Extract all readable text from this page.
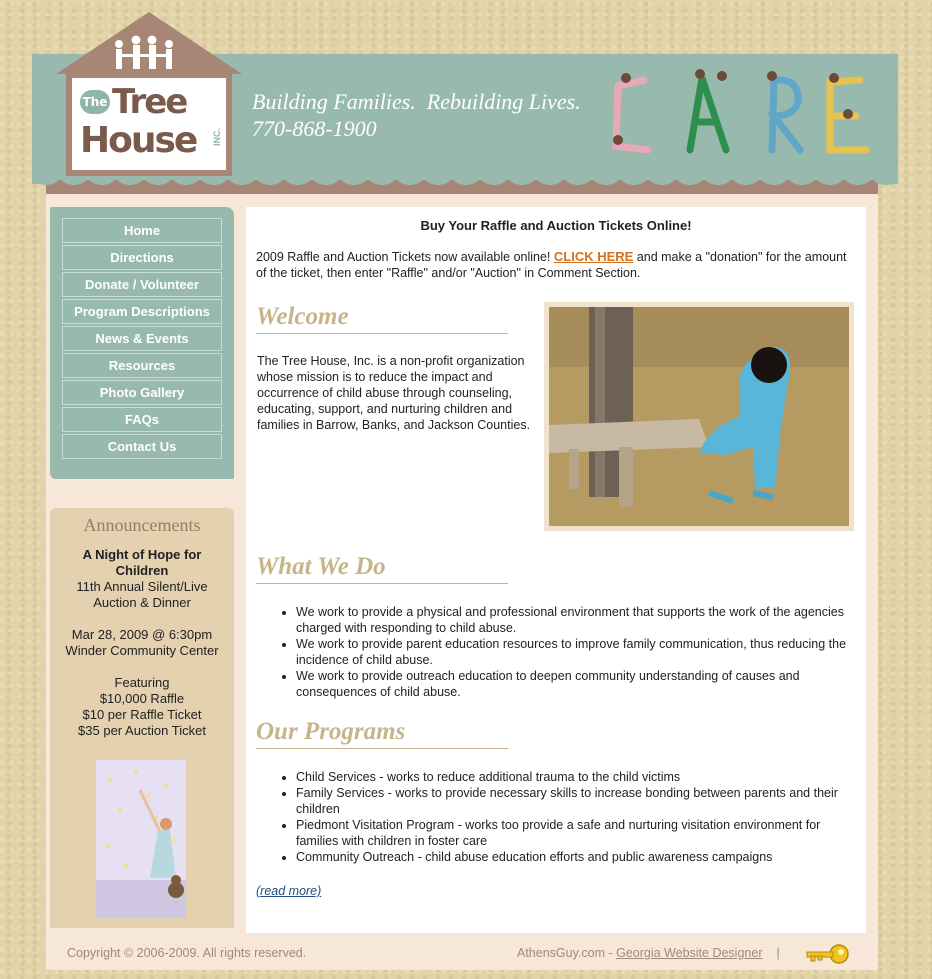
The Tree
House INC.
Building Families.  Rebuilding Lives.
770-868-1900
Home
Directions
Donate / Volunteer
Program Descriptions
News & Events
Resources
Photo Gallery
FAQs
Contact Us
Announcements
A Night of Hope for Children
11th Annual Silent/Live
Auction & Dinner
Mar 28, 2009 @ 6:30pm
Winder Community Center
Featuring
$10,000 Raffle
$10 per Raffle Ticket
$35 per Auction Ticket
Buy Your Raffle and Auction Tickets Online!

2009 Raffle and Auction Tickets now available online! CLICK HERE and make a "donation" for the amount of the ticket, then enter "Raffle" and/or "Auction" in Comment Section.

Welcome

The Tree House, Inc. is a non-profit organization whose mission is to reduce the impact and occurrence of child abuse through counseling, educating, support, and nurturing children and families in Barrow, Banks, and Jackson Counties.

What We Do
• We work to provide a physical and professional environment that supports the work of the agencies charged with responding to child abuse.
• We work to provide parent education resources to improve family communication, thus reducing the incidence of child abuse.
• We work to provide outreach education to deepen community understanding of causes and consequences of child abuse.
Our Programs
• Child Services - works to reduce additional trauma to the child victims
• Family Services - works to provide necessary skills to increase bonding between parents and their children
• Piedmont Visitation Program - works too provide a safe and nurturing visitation environment for families with children in foster care
• Community Outreach - child abuse education efforts and public awareness campaigns
(read more)
Copyright © 2006-2009. All rights reserved.	AthensGuy.com - Georgia Website Designer |
